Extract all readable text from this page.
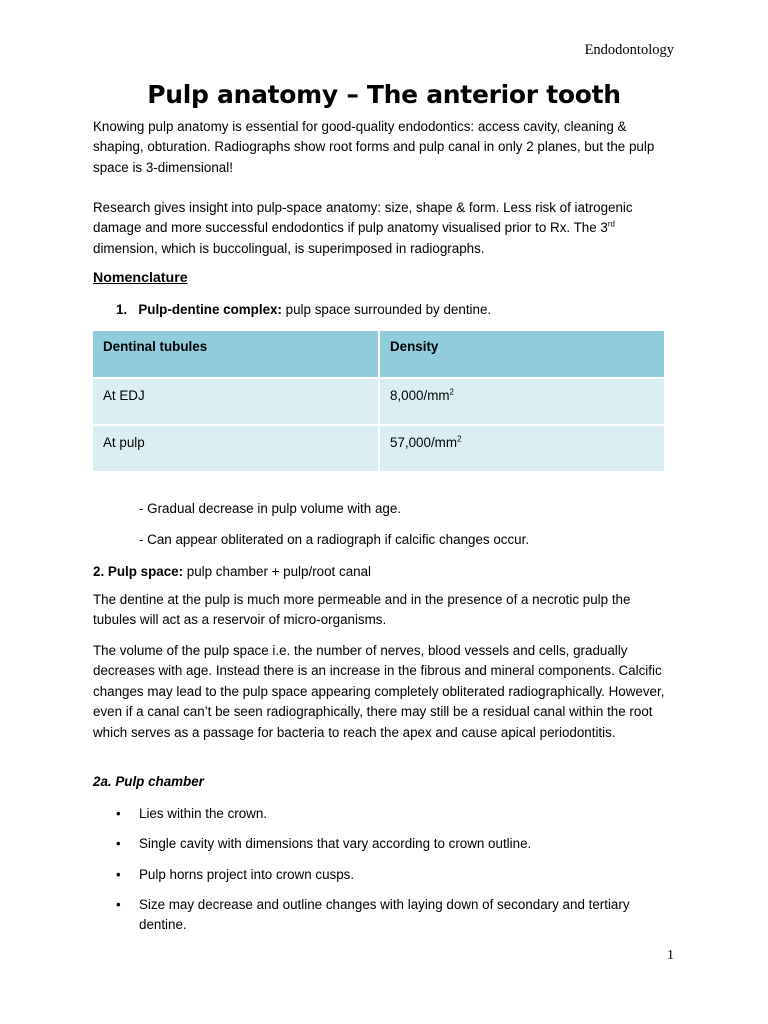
Endodontology
Pulp anatomy – The anterior tooth

Knowing pulp anatomy is essential for good-quality endodontics: access cavity, cleaning & shaping, obturation. Radiographs show root forms and pulp canal in only 2 planes, but the pulp space is 3-dimensional!

Research gives insight into pulp-space anatomy: size, shape & form. Less risk of iatrogenic damage and more successful endodontics if pulp anatomy visualised prior to Rx. The 3rd dimension, which is buccolingual, is superimposed in radiographs.

Nomenclature
1. Pulp-dentine complex: pulp space surrounded by dentine.
Dentinal tubules	Density
At EDJ	$8,000/mm^2$
At pulp	$57,000/mm^2$
- Gradual decrease in pulp volume with age.
- Can appear obliterated on a radiograph if calcific changes occur.
2. Pulp space: pulp chamber + pulp/root canal

The dentine at the pulp is much more permeable and in the presence of a necrotic pulp the tubules will act as a reservoir of micro-organisms.

The volume of the pulp space i.e. the number of nerves, blood vessels and cells, gradually decreases with age. Instead there is an increase in the fibrous and mineral components. Calcific changes may lead to the pulp space appearing completely obliterated radiographically. However, even if a canal can’t be seen radiographically, there may still be a residual canal within the root which serves as a passage for bacteria to reach the apex and cause apical periodontitis.

2a. Pulp chamber
• Lies within the crown.
• Single cavity with dimensions that vary according to crown outline.
• Pulp horns project into crown cusps.
• Size may decrease and outline changes with laying down of secondary and tertiary dentine.
1
